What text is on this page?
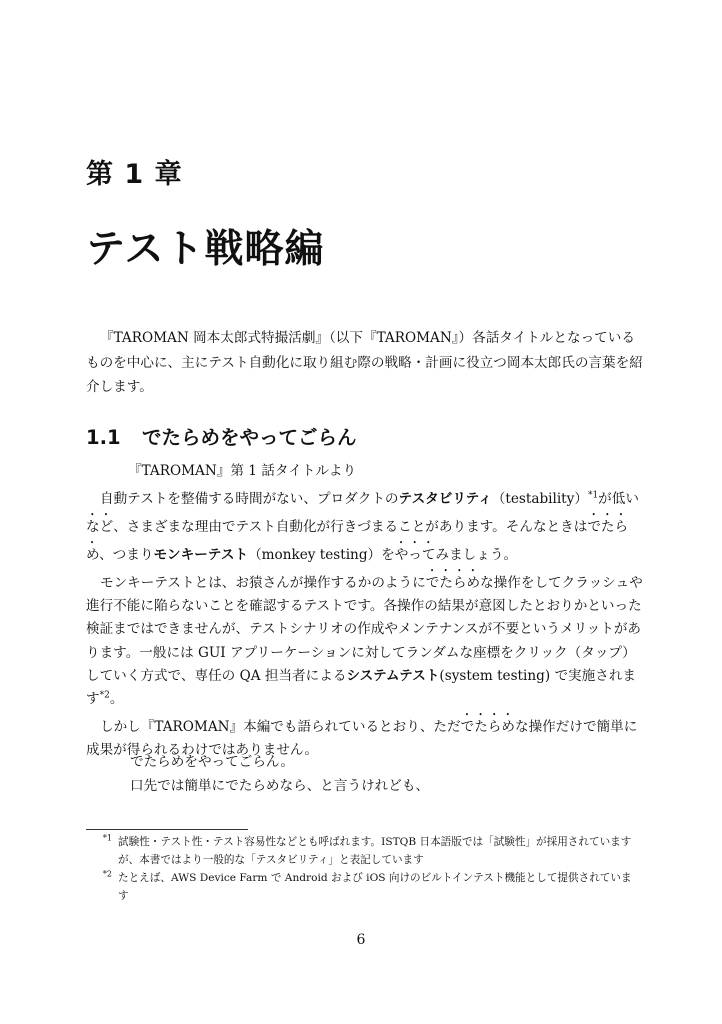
第 1 章
テスト戦略編

『TAROMAN 岡本太郎式特撮活劇』（以下『TAROMAN』）各話タイトルとなっているものを中心に、主にテスト自動化に取り組む際の戦略・計画に役立つ岡本太郎氏の言葉を紹介します。

1.1 でたらめをやってごらん
『TAROMAN』第 1 話タイトルより

自動テストを整備する時間がない、プロダクトのテスタビリティ（testability）$^{*1}$が低いなど、さまざまな理由でテスト自動化が行きづまることがあります。そんなときはでたらめ、つまりモンキーテスト（monkey testing）をやってみましょう。

モンキーテストとは、お猿さんが操作するかのようにでたらめな操作をしてクラッシュや進行不能に陥らないことを確認するテストです。各操作の結果が意図したとおりかといった検証まではできませんが、テストシナリオの作成やメンテナンスが不要というメリットがあります。一般には GUI アプリーケーションに対してランダムな座標をクリック（タップ）していく方式で、専任の QA 担当者によるシステムテスト(system testing) で実施されます$^{*2}$。

しかし『TAROMAN』本編でも語られているとおり、ただでたらめな操作だけで簡単に成果が得られるわけではありません。

でたらめをやってごらん。
口先では簡単にでたらめなら、と言うけれども、
$^{*1}$ 試験性・テスト性・テスト容易性などとも呼ばれます。ISTQB 日本語版では「試験性」が採用されていますが、本書ではより一般的な「テスタビリティ」と表記しています
$^{*2}$ たとえば、AWS Device Farm で Android および iOS 向けのビルトインテスト機能として提供されています
6
